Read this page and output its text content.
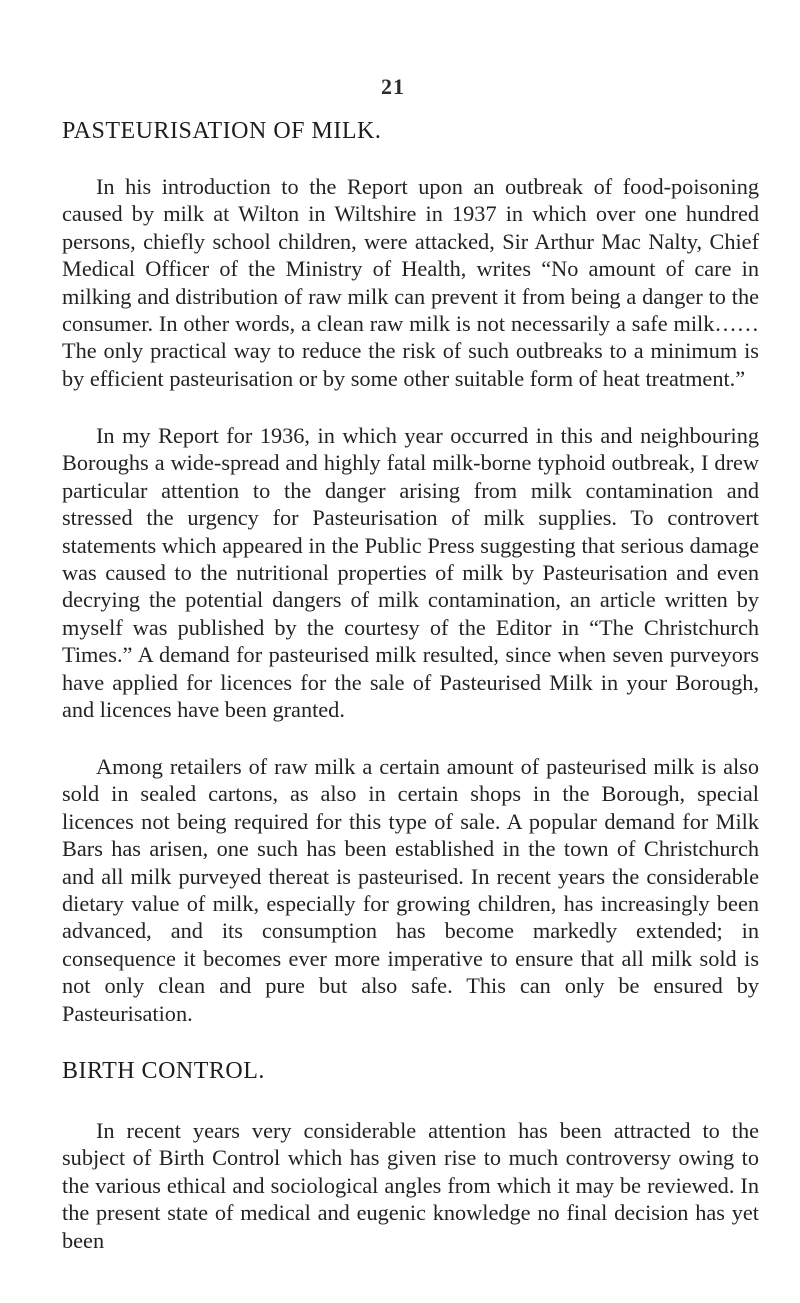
21
PASTEURISATION OF MILK.

In his introduction to the Report upon an outbreak of food-poisoning caused by milk at Wilton in Wiltshire in 1937 in which over one hundred persons, chiefly school children, were attacked, Sir Arthur Mac Nalty, Chief Medical Officer of the Ministry of Health, writes “No amount of care in milking and distribution of raw milk can prevent it from being a danger to the consumer. In other words, a clean raw milk is not necessarily a safe milk……The only practical way to reduce the risk of such outbreaks to a minimum is by efficient pasteurisation or by some other suitable form of heat treatment.”

In my Report for 1936, in which year occurred in this and neighbouring Boroughs a wide-spread and highly fatal milk-borne typhoid outbreak, I drew particular attention to the danger arising from milk contamination and stressed the urgency for Pasteurisation of milk supplies. To controvert statements which appeared in the Public Press suggesting that serious damage was caused to the nutritional properties of milk by Pasteurisation and even decrying the potential dangers of milk contamination, an article written by myself was published by the courtesy of the Editor in “The Christchurch Times.” A demand for pasteurised milk resulted, since when seven purveyors have applied for licences for the sale of Pasteurised Milk in your Borough, and licences have been granted.

Among retailers of raw milk a certain amount of pasteurised milk is also sold in sealed cartons, as also in certain shops in the Borough, special licences not being required for this type of sale. A popular demand for Milk Bars has arisen, one such has been established in the town of Christchurch and all milk purveyed thereat is pasteurised. In recent years the considerable dietary value of milk, especially for growing children, has increasingly been advanced, and its consumption has become markedly extended; in consequence it becomes ever more imperative to ensure that all milk sold is not only clean and pure but also safe. This can only be ensured by Pasteurisation.

BIRTH CONTROL.

In recent years very considerable attention has been attracted to the subject of Birth Control which has given rise to much controversy owing to the various ethical and sociological angles from which it may be reviewed. In the present state of medical and eugenic knowledge no final decision has yet been
